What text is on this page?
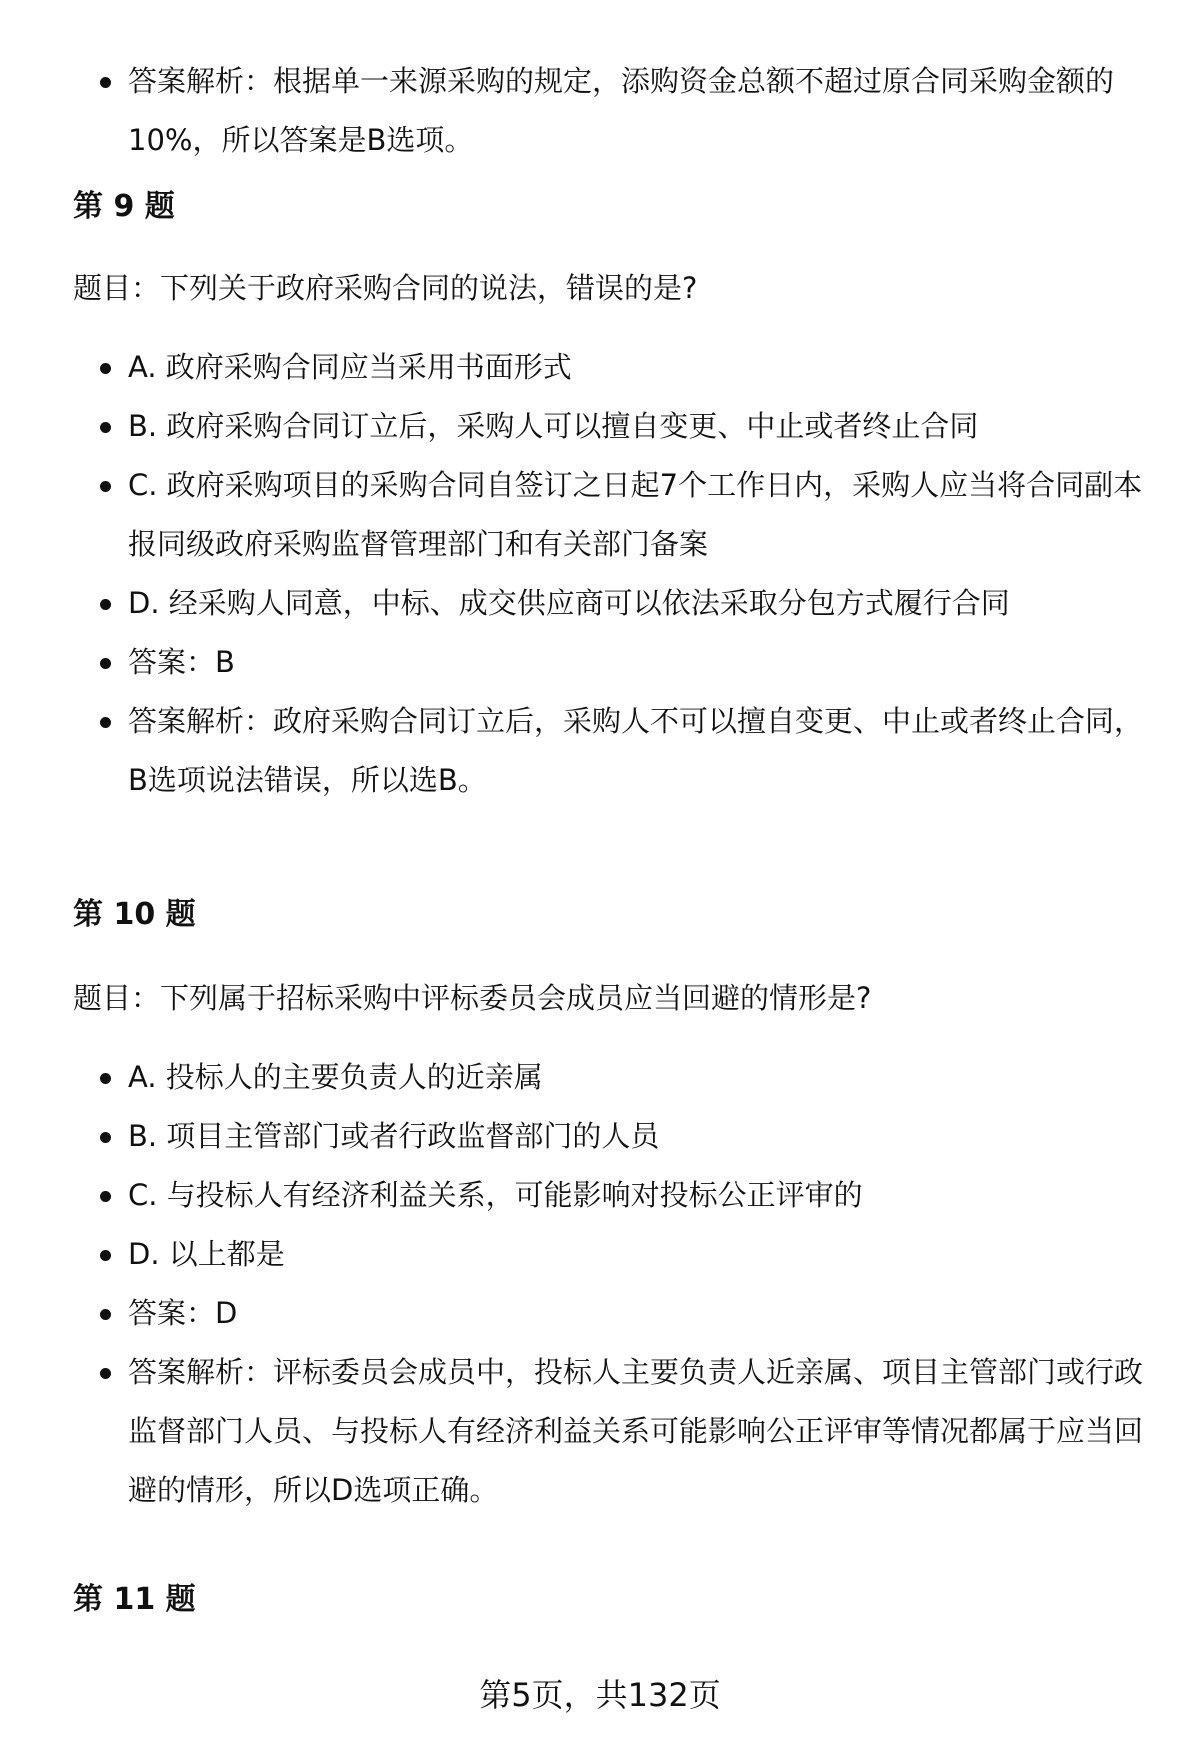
答案解析：根据单一来源采购的规定，添购资金总额不超过原合同采购金额的10%，所以答案是B选项。
第 9 题
题目：下列关于政府采购合同的说法，错误的是?
A. 政府采购合同应当采用书面形式
B. 政府采购合同订立后，采购人可以擅自变更、中止或者终止合同
C. 政府采购项目的采购合同自签订之日起7个工作日内，采购人应当将合同副本报同级政府采购监督管理部门和有关部门备案
D. 经采购人同意，中标、成交供应商可以依法采取分包方式履行合同
答案：B
答案解析：政府采购合同订立后，采购人不可以擅自变更、中止或者终止合同，B选项说法错误，所以选B。
第 10 题
题目：下列属于招标采购中评标委员会成员应当回避的情形是?
A. 投标人的主要负责人的近亲属
B. 项目主管部门或者行政监督部门的人员
C. 与投标人有经济利益关系，可能影响对投标公正评审的
D. 以上都是
答案：D
答案解析：评标委员会成员中，投标人主要负责人近亲属、项目主管部门或行政监督部门人员、与投标人有经济利益关系可能影响公正评审等情况都属于应当回避的情形，所以D选项正确。
第 11 题
第5页，共132页
